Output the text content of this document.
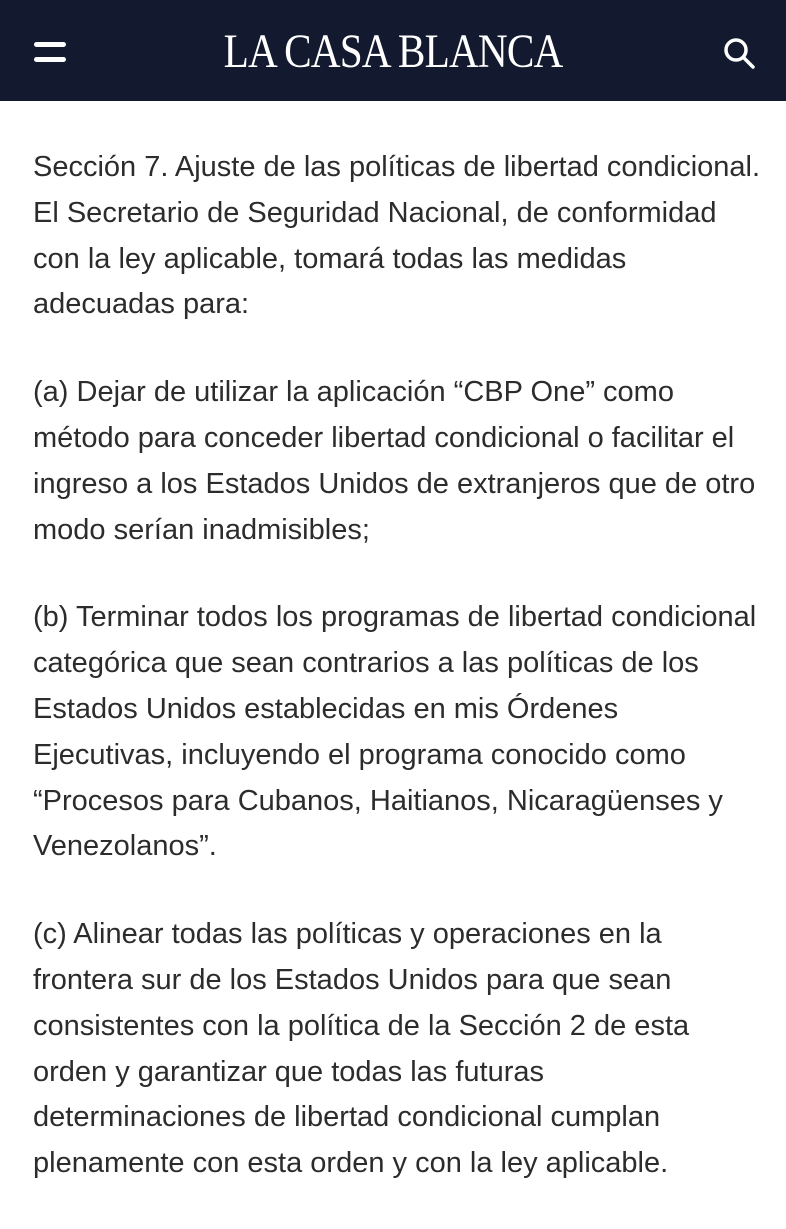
LA CASA BLANCA

Sección 7. Ajuste de las políticas de libertad condicional. El Secretario de Seguridad Nacional, de conformidad con la ley aplicable, tomará todas las medidas adecuadas para:

(a) Dejar de utilizar la aplicación “CBP One” como método para conceder libertad condicional o facilitar el ingreso a los Estados Unidos de extranjeros que de otro modo serían inadmisibles;

(b) Terminar todos los programas de libertad condicional categórica que sean contrarios a las políticas de los Estados Unidos establecidas en mis Órdenes Ejecutivas, incluyendo el programa conocido como “Procesos para Cubanos, Haitianos, Nicaragüenses y Venezolanos”.

(c) Alinear todas las políticas y operaciones en la frontera sur de los Estados Unidos para que sean consistentes con la política de la Sección 2 de esta orden y garantizar que todas las futuras determinaciones de libertad condicional cumplan plenamente con esta orden y con la ley aplicable.
